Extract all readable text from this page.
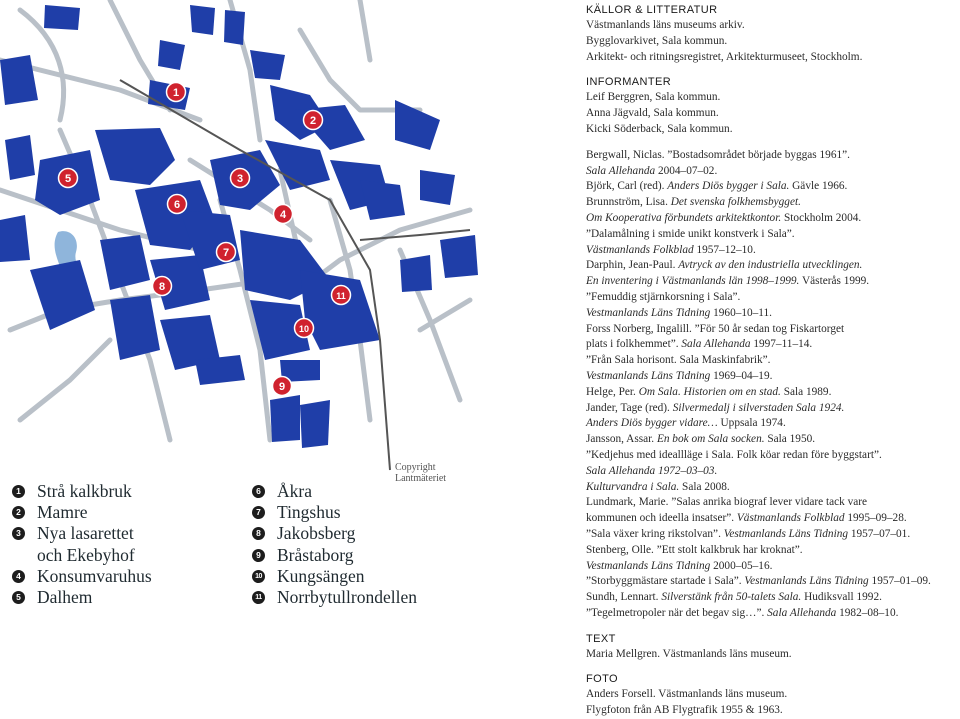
1
2
3
4
5
6
7
8
9
10
11
Copyright Lantmäteriet
1 Strå kalkbruk
2 Mamre
3 Nya lasarettet
och Ekebyhof
4 Konsumvaruhus
5 Dalhem
6 Åkra
7 Tingshus
8 Jakobsberg
9 Bråstaborg
10 Kungsängen
11 Norrbytullrondellen

KÄLLOR & LITTERATUR

Västmanlands läns museums arkiv.

Bygglovarkivet, Sala kommun.

Arkitekt- och ritningsregistret, Arkitekturmuseet, Stockholm.

INFORMANTER

Leif Berggren, Sala kommun.

Anna Jägvald, Sala kommun.

Kicki Söderback, Sala kommun.

Bergwall, Niclas. ”Bostadsområdet började byggas 1961”.

Sala Allehanda 2004–07–02.

Björk, Carl (red). Anders Diös bygger i Sala. Gävle 1966.

Brunnström, Lisa. Det svenska folkhemsbygget.

Om Kooperativa förbundets arkitektkontor. Stockholm 2004.

”Dalamålning i smide unikt konstverk i Sala”.

Västmanlands Folkblad 1957–12–10.

Darphin, Jean-Paul. Avtryck av den industriella utvecklingen.

En inventering i Västmanlands län 1998–1999. Västerås 1999.

”Femuddig stjärnkorsning i Sala”.

Vestmanlands Läns Tidning 1960–10–11.

Forss Norberg, Ingalill. ”För 50 år sedan tog Fiskartorget

plats i folkhemmet”. Sala Allehanda 1997–11–14.

”Från Sala horisont. Sala Maskinfabrik”.

Vestmanlands Läns Tidning 1969–04–19.

Helge, Per. Om Sala. Historien om en stad. Sala 1989.

Jander, Tage (red). Silvermedalj i silverstaden Sala 1924.

Anders Diös bygger vidare… Uppsala 1974.

Jansson, Assar. En bok om Sala socken. Sala 1950.

”Kedjehus med ideallläge i Sala. Folk köar redan före byggstart”.

Sala Allehanda 1972–03–03.

Kulturvandra i Sala. Sala 2008.

Lundmark, Marie. ”Salas anrika biograf lever vidare tack vare

kommunen och ideella insatser”. Västmanlands Folkblad 1995–09–28.

”Sala växer kring rikstolvan”. Vestmanlands Läns Tidning 1957–07–01.

Stenberg, Olle. ”Ett stolt kalkbruk har kroknat”.

Vestmanlands Läns Tidning 2000–05–16.

”Storbyggmästare startade i Sala”. Vestmanlands Läns Tidning 1957–01–09.

Sundh, Lennart. Silverstänk från 50-talets Sala. Hudiksvall 1992.

”Tegelmetropoler när det begav sig…”. Sala Allehanda 1982–08–10.

TEXT

Maria Mellgren. Västmanlands läns museum.

FOTO

Anders Forsell. Västmanlands läns museum.

Flygfoton från AB Flygtrafik 1955 & 1963.
